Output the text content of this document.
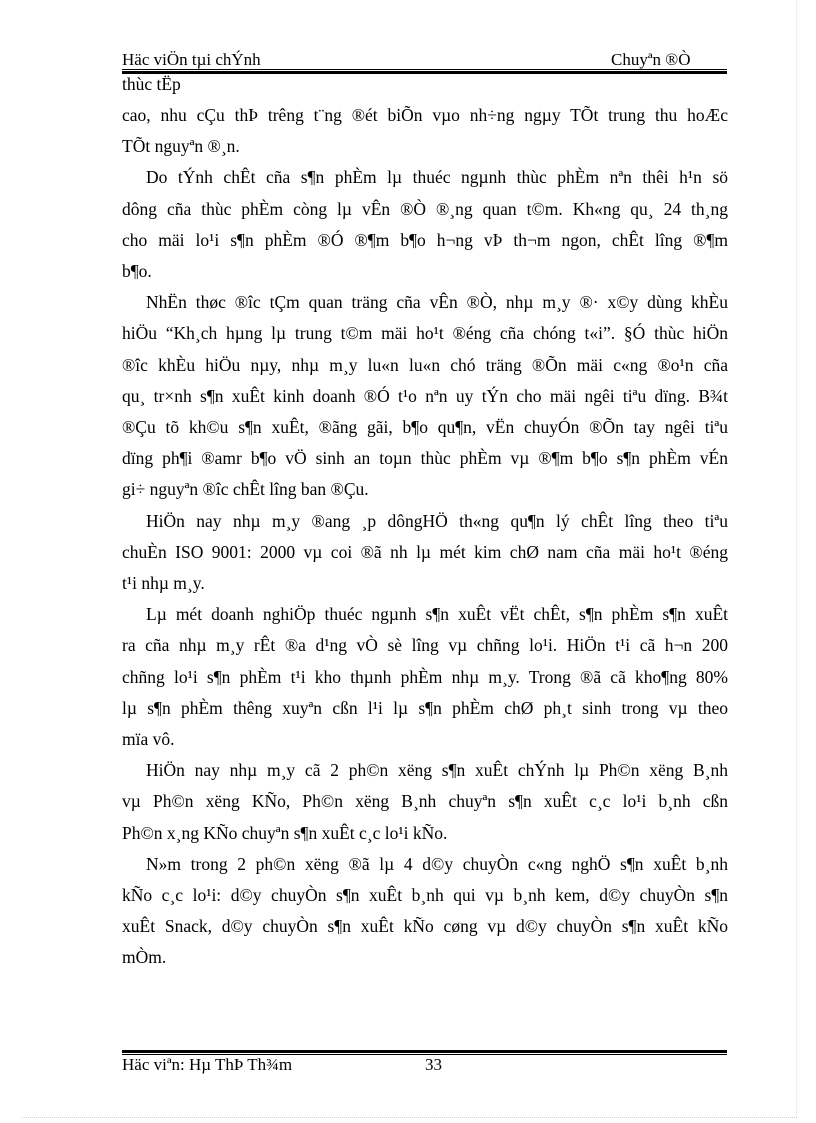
Häc viÖn tµi chÝnh	Chuyªn ®Ò
thùc tËp
cao, nhu cÇu thÞ trêng t¨ng ®ét biÕn vµo nh÷ng ngµy TÕt trung thu hoÆc
TÕt nguyªn ®¸n.
Do tÝnh chÊt cña s¶n phÈm lµ thuéc ngµnh thùc phÈm nªn thêi h¹n sö
dông cña thùc phÈm còng lµ vÊn ®Ò ®¸ng quan t©m. Kh«ng qu¸ 24 th¸ng
cho mäi lo¹i s¶n phÈm ®Ó ®¶m b¶o h¬ng vÞ th¬m ngon, chÊt lîng ®¶m
b¶o.
NhËn thøc ®îc tÇm quan träng cña vÊn ®Ò, nhµ m¸y ®· x©y dùng khÈu
hiÖu “Kh¸ch hµng lµ trung t©m mäi ho¹t ®éng cña chóng t«i”. §Ó thùc hiÖn
®îc khÈu hiÖu nµy, nhµ m¸y lu«n lu«n chó träng ®Õn mäi c«ng ®o¹n cña
qu¸ tr×nh s¶n xuÊt kinh doanh ®Ó t¹o nªn uy tÝn cho mäi ngêi tiªu dïng. B¾t
®Çu tõ kh©u s¶n xuÊt, ®ãng gãi, b¶o qu¶n, vËn chuyÓn ®Õn tay ngêi tiªu
dïng ph¶i ®amr b¶o vÖ sinh an toµn thùc phÈm vµ ®¶m b¶o s¶n phÈm vÉn
gi÷ nguyªn ®îc chÊt lîng ban ®Çu.
HiÖn nay nhµ m¸y ®ang ¸p dôngHÖ th«ng qu¶n lý chÊt lîng theo tiªu
chuÈn ISO 9001: 2000 vµ coi ®ã nh lµ mét kim chØ nam cña mäi ho¹t ®éng
t¹i nhµ m¸y.
Lµ mét doanh nghiÖp thuéc ngµnh s¶n xuÊt vËt chÊt, s¶n phÈm s¶n xuÊt
ra cña nhµ m¸y rÊt ®a d¹ng vÒ sè lîng vµ chñng lo¹i. HiÖn t¹i cã h¬n 200
chñng lo¹i s¶n phÈm t¹i kho thµnh phÈm nhµ m¸y. Trong ®ã cã kho¶ng 80%
lµ s¶n phÈm thêng xuyªn cßn l¹i lµ s¶n phÈm chØ ph¸t sinh trong vµ theo
mïa vô.
HiÖn nay nhµ m¸y cã 2 ph©n xëng s¶n xuÊt chÝnh lµ Ph©n xëng B¸nh
vµ Ph©n xëng KÑo, Ph©n xëng B¸nh chuyªn s¶n xuÊt c¸c lo¹i b¸nh cßn
Ph©n x¸ng KÑo chuyªn s¶n xuÊt c¸c lo¹i kÑo.
N»m trong 2 ph©n xëng ®ã lµ 4 d©y chuyÒn c«ng nghÖ s¶n xuÊt b¸nh
kÑo c¸c lo¹i: d©y chuyÒn s¶n xuÊt b¸nh qui vµ b¸nh kem, d©y chuyÒn s¶n
xuÊt Snack, d©y chuyÒn s¶n xuÊt kÑo cøng vµ d©y chuyÒn s¶n xuÊt kÑo
mÒm.
Häc viªn: Hµ ThÞ Th¾m	33
